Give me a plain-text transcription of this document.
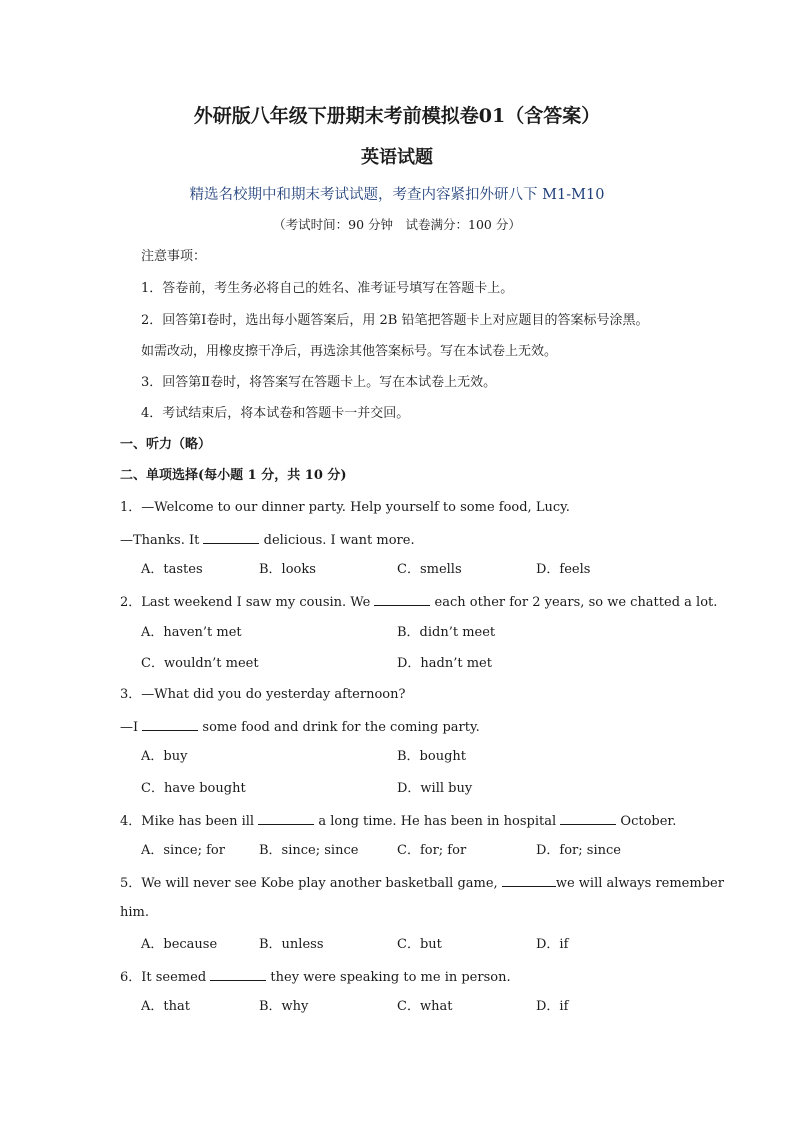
外研版八年级下册期末考前模拟卷01（含答案）
英语试题
精选名校期中和期末考试试题，考查内容紧扣外研八下 M1-M10
（考试时间：90 分钟　试卷满分：100 分）
注意事项：
1．答卷前，考生务必将自己的姓名、准考证号填写在答题卡上。
2．回答第Ⅰ卷时，选出每小题答案后，用 2B 铅笔把答题卡上对应题目的答案标号涂黑。
如需改动，用橡皮擦干净后，再选涂其他答案标号。写在本试卷上无效。
3．回答第Ⅱ卷时，将答案写在答题卡上。写在本试卷上无效。
4．考试结束后，将本试卷和答题卡一并交回。
一、听力（略）
二、单项选择(每小题 1 分，共 10 分)
1．—Welcome to our dinner party. Help yourself to some food, Lucy.
—Thanks. It	delicious. I want more.
A．tastes	B．looks	C．smells	D．feels
2．Last weekend I saw my cousin. We	each other for 2 years, so we chatted a lot.
A．haven’t met	B．didn’t meet
C．wouldn’t meet	D．hadn’t met
3．—What did you do yesterday afternoon?
—I	some food and drink for the coming party.
A．buy	B．bought
C．have bought	D．will buy
4．Mike has been ill	a long time. He has been in hospital	October.
A．since; for	B．since; since	C．for; for	D．for; since
5．We will never see Kobe play another basketball game,	we will always remember
him.
A．because	B．unless	C．but	D．if
6．It seemed	they were speaking to me in person.
A．that	B．why	C．what	D．if
